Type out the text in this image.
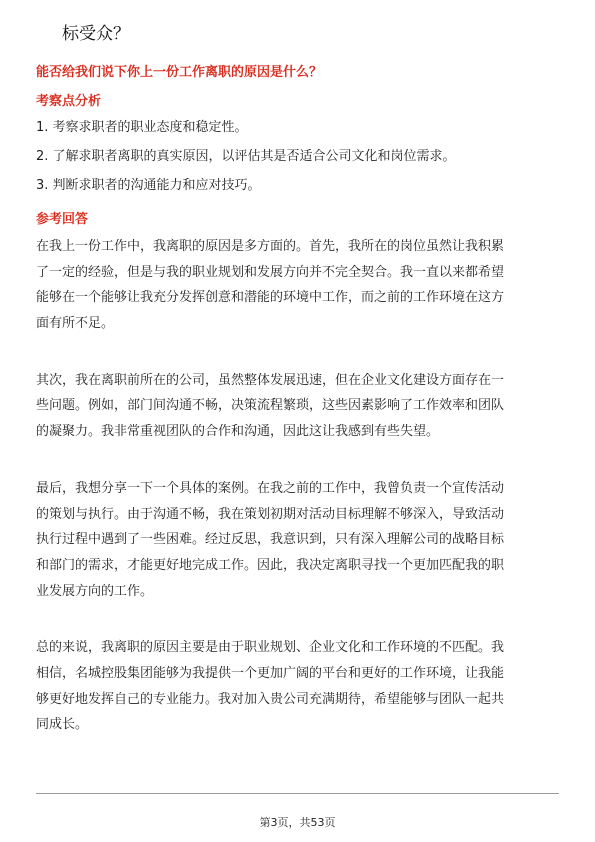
标受众？
能否给我们说下你上一份工作离职的原因是什么？
考察点分析
1. 考察求职者的职业态度和稳定性。
2. 了解求职者离职的真实原因，以评估其是否适合公司文化和岗位需求。
3. 判断求职者的沟通能力和应对技巧。
参考回答
在我上一份工作中，我离职的原因是多方面的。首先，我所在的岗位虽然让我积累
了一定的经验，但是与我的职业规划和发展方向并不完全契合。我一直以来都希望
能够在一个能够让我充分发挥创意和潜能的环境中工作，而之前的工作环境在这方
面有所不足。
其次，我在离职前所在的公司，虽然整体发展迅速，但在企业文化建设方面存在一
些问题。例如，部门间沟通不畅，决策流程繁琐，这些因素影响了工作效率和团队
的凝聚力。我非常重视团队的合作和沟通，因此这让我感到有些失望。
最后，我想分享一下一个具体的案例。在我之前的工作中，我曾负责一个宣传活动
的策划与执行。由于沟通不畅，我在策划初期对活动目标理解不够深入，导致活动
执行过程中遇到了一些困难。经过反思，我意识到，只有深入理解公司的战略目标
和部门的需求，才能更好地完成工作。因此，我决定离职寻找一个更加匹配我的职
业发展方向的工作。
总的来说，我离职的原因主要是由于职业规划、企业文化和工作环境的不匹配。我
相信，名城控股集团能够为我提供一个更加广阔的平台和更好的工作环境，让我能
够更好地发挥自己的专业能力。我对加入贵公司充满期待，希望能够与团队一起共
同成长。
第3页，共53页
